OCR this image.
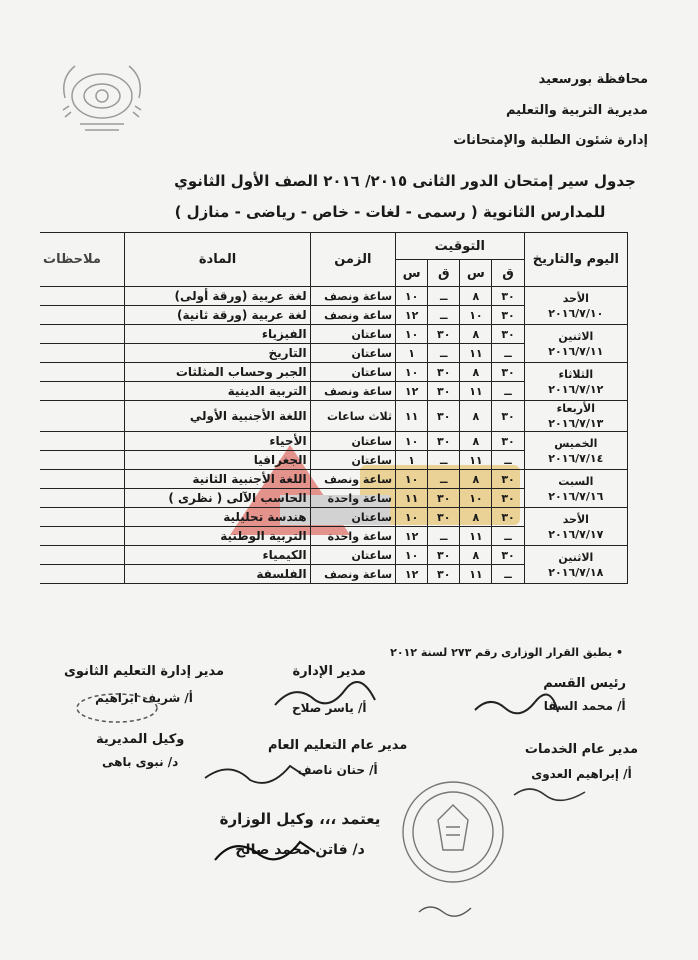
محافظة بورسعيد
مديرية التربية والتعليم
إدارة شئون الطلبة والإمتحانات
جدول سير إمتحان الدور الثانى ٢٠١٥/ ٢٠١٦ الصف الأول الثانوي
للمدارس الثانوية ( رسمى - لغات - خاص - رياضى - منازل )
اليوم والتاريخ	التوقيت				الزمن	المادة	ملاحظات
	ق	س	ق	س			

الأحد
٢٠١٦/٧/١٠	٣٠	٨	ــ	١٠	ساعة ونصف	لغة عربية (ورقة أولى)	
	٣٠	١٠	ــ	١٢	ساعة ونصف	لغة عربية (ورقة ثانية)	

الاثنين
٢٠١٦/٧/١١	٣٠	٨	٣٠	١٠	ساعتان	الفيزياء	
	ــ	١١	ــ	١	ساعتان	التاريخ	

الثلاثاء
٢٠١٦/٧/١٢	٣٠	٨	٣٠	١٠	ساعتان	الجبر وحساب المثلثات	
	ــ	١١	٣٠	١٢	ساعة ونصف	التربية الدينية	

الأربعاء
٢٠١٦/٧/١٣	٣٠	٨	٣٠	١١	ثلاث ساعات	اللغة الأجنبية الأولي	

الخميس
٢٠١٦/٧/١٤	٣٠	٨	٣٠	١٠	ساعتان	الأحياء	
	ــ	١١	ــ	١	ساعتان	الجغرافيا	

السبت
٢٠١٦/٧/١٦	٣٠	٨	ــ	١٠	ساعة ونصف	اللغة الأجنبية الثانية	
	٣٠	١٠	٣٠	١١	ساعة واحدة	الحاسب الآلى ( نظرى )	

الأحد
٢٠١٦/٧/١٧	٣٠	٨	٣٠	١٠	ساعتان	هندسة تحليلية	
	ــ	١١	ــ	١٢	ساعة واحدة	التربية الوطنية	

الاثنين
٢٠١٦/٧/١٨	٣٠	٨	٣٠	١٠	ساعتان	الكيمياء	
	ــ	١١	٣٠	١٢	ساعة ونصف	الفلسفة	
• يطبق القرار الوزارى رقم ٢٧٣ لسنة ٢٠١٢
رئيس القسم
أ/ محمد السقا
مدير الإدارة
أ/ ياسر صلاح
مدير إدارة التعليم الثانوى
أ/ شريف ابراهيم
مدير عام الخدمات
أ/ إبراهيم العدوى
مدير عام التعليم العام
أ/ حنان ناصف
وكيل المديرية
د/ نبوى باهى
يعتمد ،،، وكيل الوزارة
د/ فاتن محمد صالح
